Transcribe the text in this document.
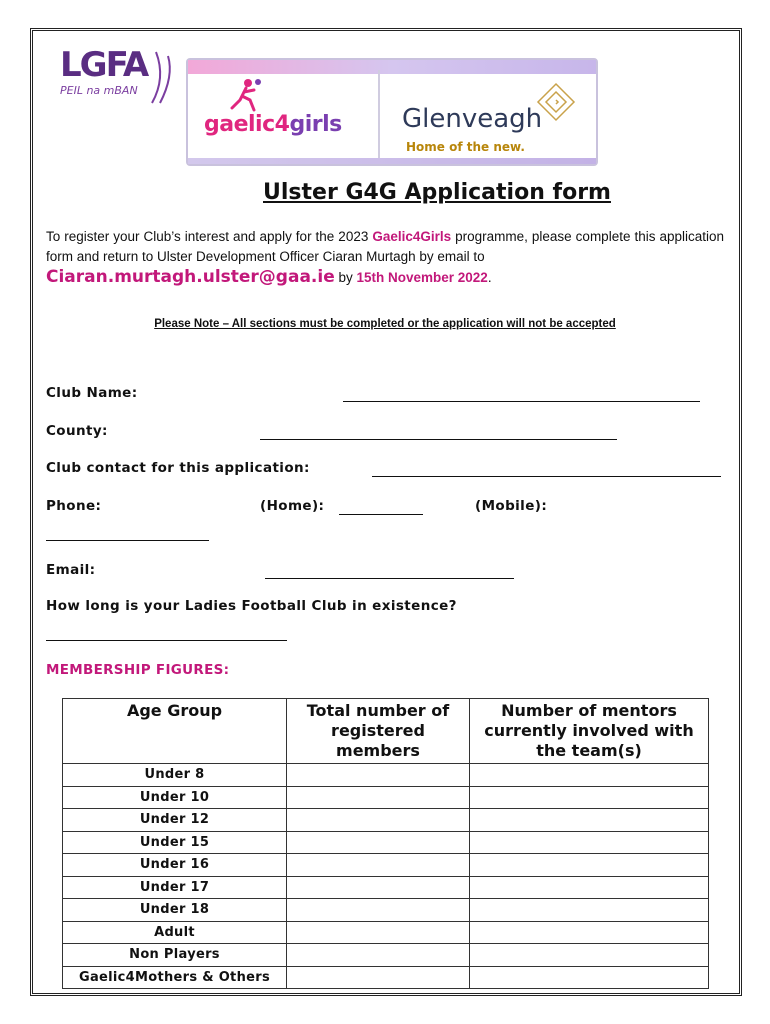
LGFA
PEIL na mBAN
gaelic4girls Glenveagh
Home of the new.
Ulster G4G Application form
To register your Club’s interest and apply for the 2023 Gaelic4Girls programme, please complete this application form and return to Ulster Development Officer Ciaran Murtagh by email to
Ciaran.murtagh.ulster@gaa.ie by 15th November 2022.
Please Note – All sections must be completed or the application will not be accepted
Club Name:
County:
Club contact for this application:
Phone:	(Home):	(Mobile):
Email:
How long is your Ladies Football Club in existence?
MEMBERSHIP FIGURES:
Age Group	Total number of registered members	Number of mentors currently involved with the team(s)
Under 8		
Under 10		
Under 12		
Under 15		
Under 16		
Under 17		
Under 18		
Adult		
Non Players		
Gaelic4Mothers & Others		
